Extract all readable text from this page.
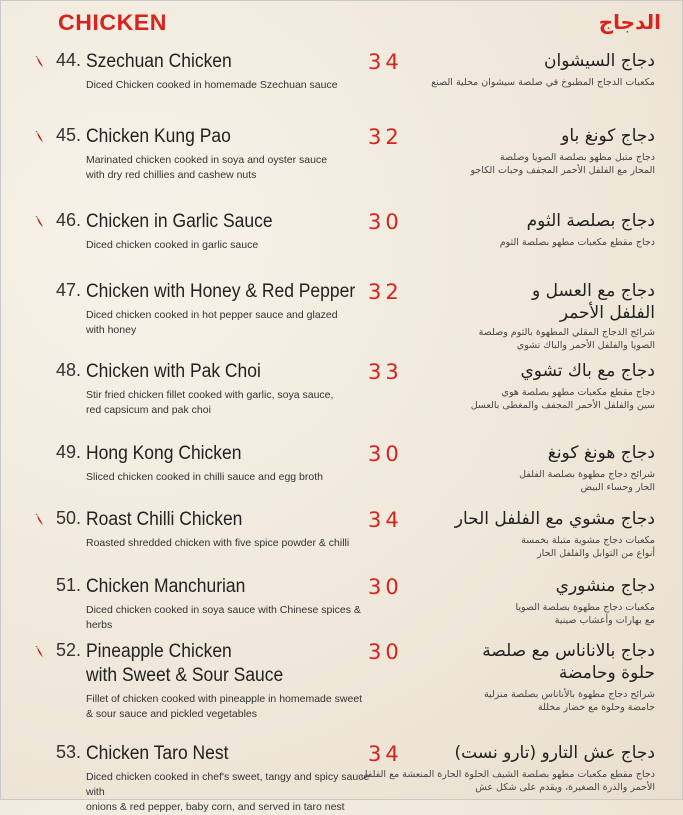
CHICKEN	الدجاج
44. Szechuan Chicken
Diced Chicken cooked in homemade Szechuan sauce
34	دجاج السيشوان
مكعبات الدجاج المطبوخ في صلصة سيشوان محلية الصنع
45. Chicken Kung Pao
Marinated chicken cooked in soya and oyster sauce
with dry red chillies and cashew nuts
32	دجاج كونغ باو
دجاج متبل مطهو بصلصة الصويا وصلصة
المحار مع الفلفل الأحمر المجفف وحبات الكاجو
46. Chicken in Garlic Sauce
Diced chicken cooked in garlic sauce
30	دجاج بصلصة الثوم
دجاج مقطع مكعبات مطهو بصلصة الثوم
47. Chicken with Honey & Red Pepper
Diced chicken cooked in hot pepper sauce and glazed
with honey
32	دجاج مع العسل و
الفلفل الأحمر
شرائح الدجاج المقلي المطهوة بالثوم وصلصة
الصويا والفلفل الأحمر والباك تشوي
48. Chicken with Pak Choi
Stir fried chicken fillet cooked with garlic, soya sauce,
red capsicum and pak choi
33	دجاج مع باك تشوي
دجاج مقطع مكعبات مطهو بصلصة هوي
سين والفلفل الأحمر المجفف والمغطى بالعسل
49. Hong Kong Chicken
Sliced chicken cooked in chilli sauce and egg broth
30	دجاج هونغ كونغ
شرائح دجاج مطهوة بصلصة الفلفل
الحار وحساء البيض
50. Roast Chilli Chicken
Roasted shredded chicken with five spice powder & chilli
34	دجاج مشوي مع الفلفل الحار
مكعبات دجاج مشوية متبلة بخمسة
أنواع من التوابل والفلفل الحار
51. Chicken Manchurian
Diced chicken cooked in soya sauce with Chinese spices & herbs
30	دجاج منشوري
مكعبات دجاج مطهوة بصلصة الصويا
مع بهارات وأعشاب صينية
52. Pineapple Chicken
with Sweet & Sour Sauce
Fillet of chicken cooked with pineapple in homemade sweet
& sour sauce and pickled vegetables
30	دجاج بالاناناس مع صلصة
حلوة وحامضة
شرائح دجاج مطهوة بالأناناس بصلصة منزلية
حامضة وحلوة مع خضار مخللة
53. Chicken Taro Nest
Diced chicken cooked in chef's sweet, tangy and spicy sauce with
onions & red pepper, baby corn, and served in taro nest
34	دجاج عش التارو (تارو نست)
دجاج مقطع مكعبات مطهو بصلصة الشيف الحلوة الحارة المنعشة مع الفلفل
الأحمر والذرة الصغيرة، ويقدم على شكل عش
